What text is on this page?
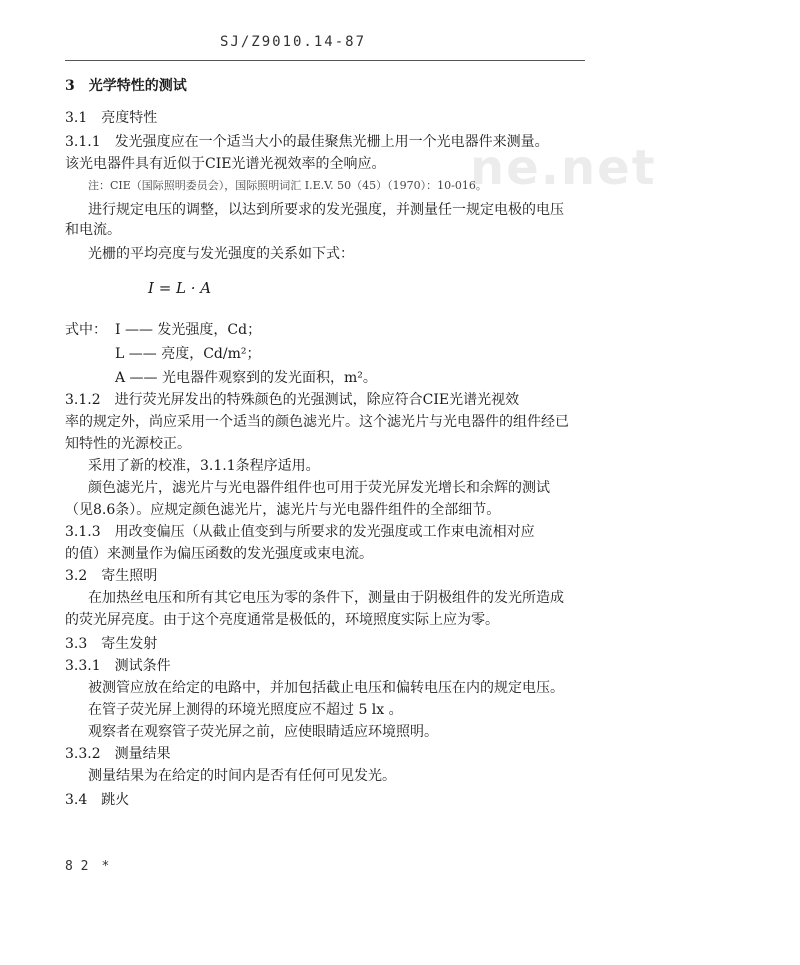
SJ/Z9010.14-87
ne.net
3　光学特性的测试
3.1　亮度特性
3.1.1　发光强度应在一个适当大小的最佳聚焦光栅上用一个光电器件来测量。
该光电器件具有近似于CIE光谱光视效率的全响应。
注：CIE（国际照明委员会），国际照明词汇 I.E.V. 50（45）（1970）：10-016。
进行规定电压的调整，以达到所要求的发光强度，并测量任一规定电极的电压
和电流。
光栅的平均亮度与发光强度的关系如下式：
I = L · A
式中： I —— 发光强度，Cd；
L —— 亮度，Cd/m²；
A —— 光电器件观察到的发光面积，m²。
3.1.2　进行荧光屏发出的特殊颜色的光强测试，除应符合CIE光谱光视效
率的规定外，尚应采用一个适当的颜色滤光片。这个滤光片与光电器件的组件经已
知特性的光源校正。
采用了新的校准，3.1.1条程序适用。
颜色滤光片，滤光片与光电器件组件也可用于荧光屏发光增长和余辉的测试
（见8.6条）。应规定颜色滤光片，滤光片与光电器件组件的全部细节。
3.1.3　用改变偏压（从截止值变到与所要求的发光强度或工作束电流相对应
的值）来测量作为偏压函数的发光强度或束电流。
3.2　寄生照明
在加热丝电压和所有其它电压为零的条件下，测量由于阴极组件的发光所造成
的荧光屏亮度。由于这个亮度通常是极低的，环境照度实际上应为零。
3.3　寄生发射
3.3.1　测试条件
被测管应放在给定的电路中，并加包括截止电压和偏转电压在内的规定电压。
在管子荧光屏上测得的环境光照度应不超过 5 lx 。
观察者在观察管子荧光屏之前，应使眼睛适应环境照明。
3.3.2　测量结果
测量结果为在给定的时间内是否有任何可见发光。
3.4　跳火
8 2　*
